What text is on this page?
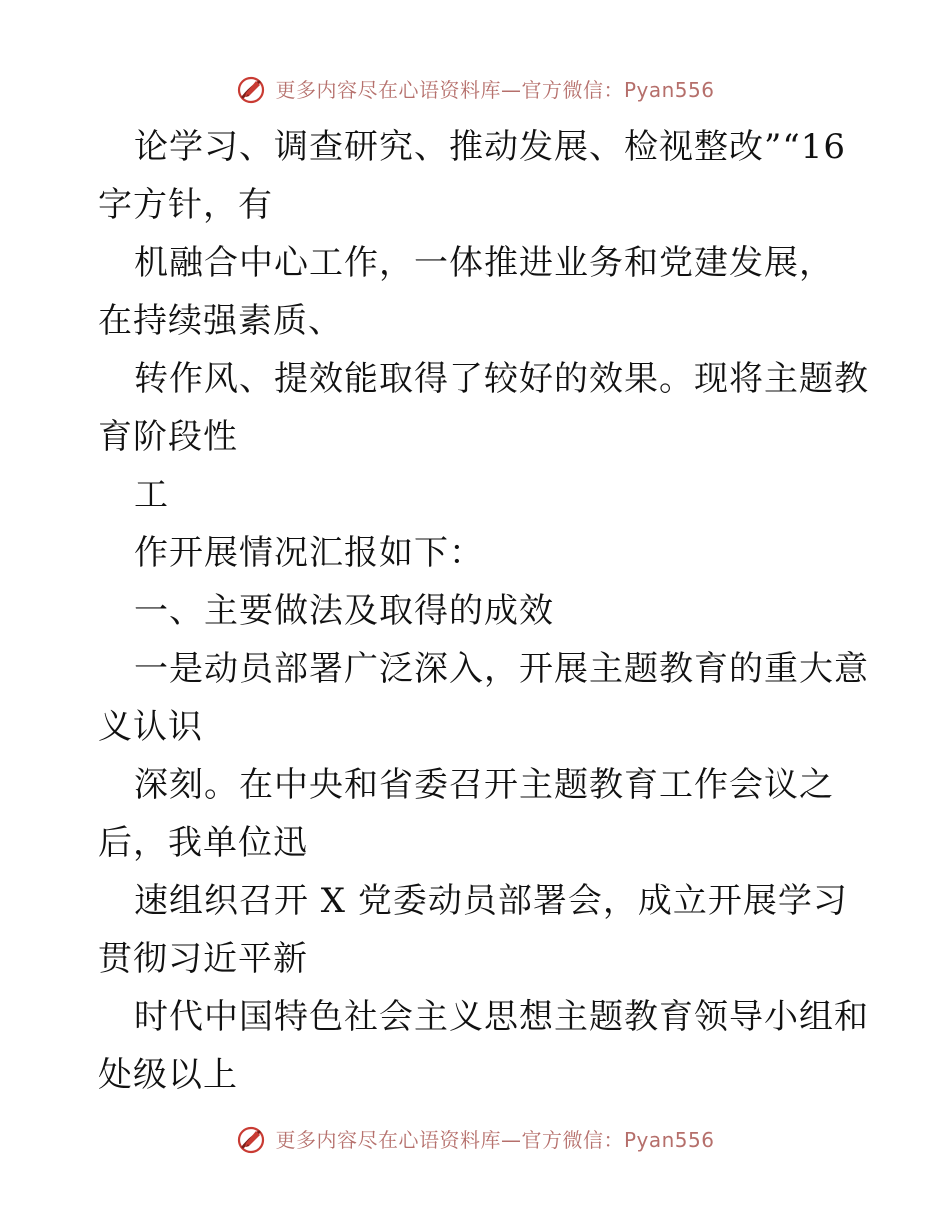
更多内容尽在心语资料库—官方微信：Pyan556
论学习、调查研究、推动发展、检视整改”“16
字方针，有
机融合中心工作，一体推进业务和党建发展，
在持续强素质、
转作风、提效能取得了较好的效果。现将主题教
育阶段性
工
作开展情况汇报如下：
一、主要做法及取得的成效
一是动员部署广泛深入，开展主题教育的重大意
义认识
深刻。在中央和省委召开主题教育工作会议之
后，我单位迅
速组织召开 X 党委动员部署会，成立开展学习
贯彻习近平新
时代中国特色社会主义思想主题教育领导小组和
处级以上
更多内容尽在心语资料库—官方微信：Pyan556
